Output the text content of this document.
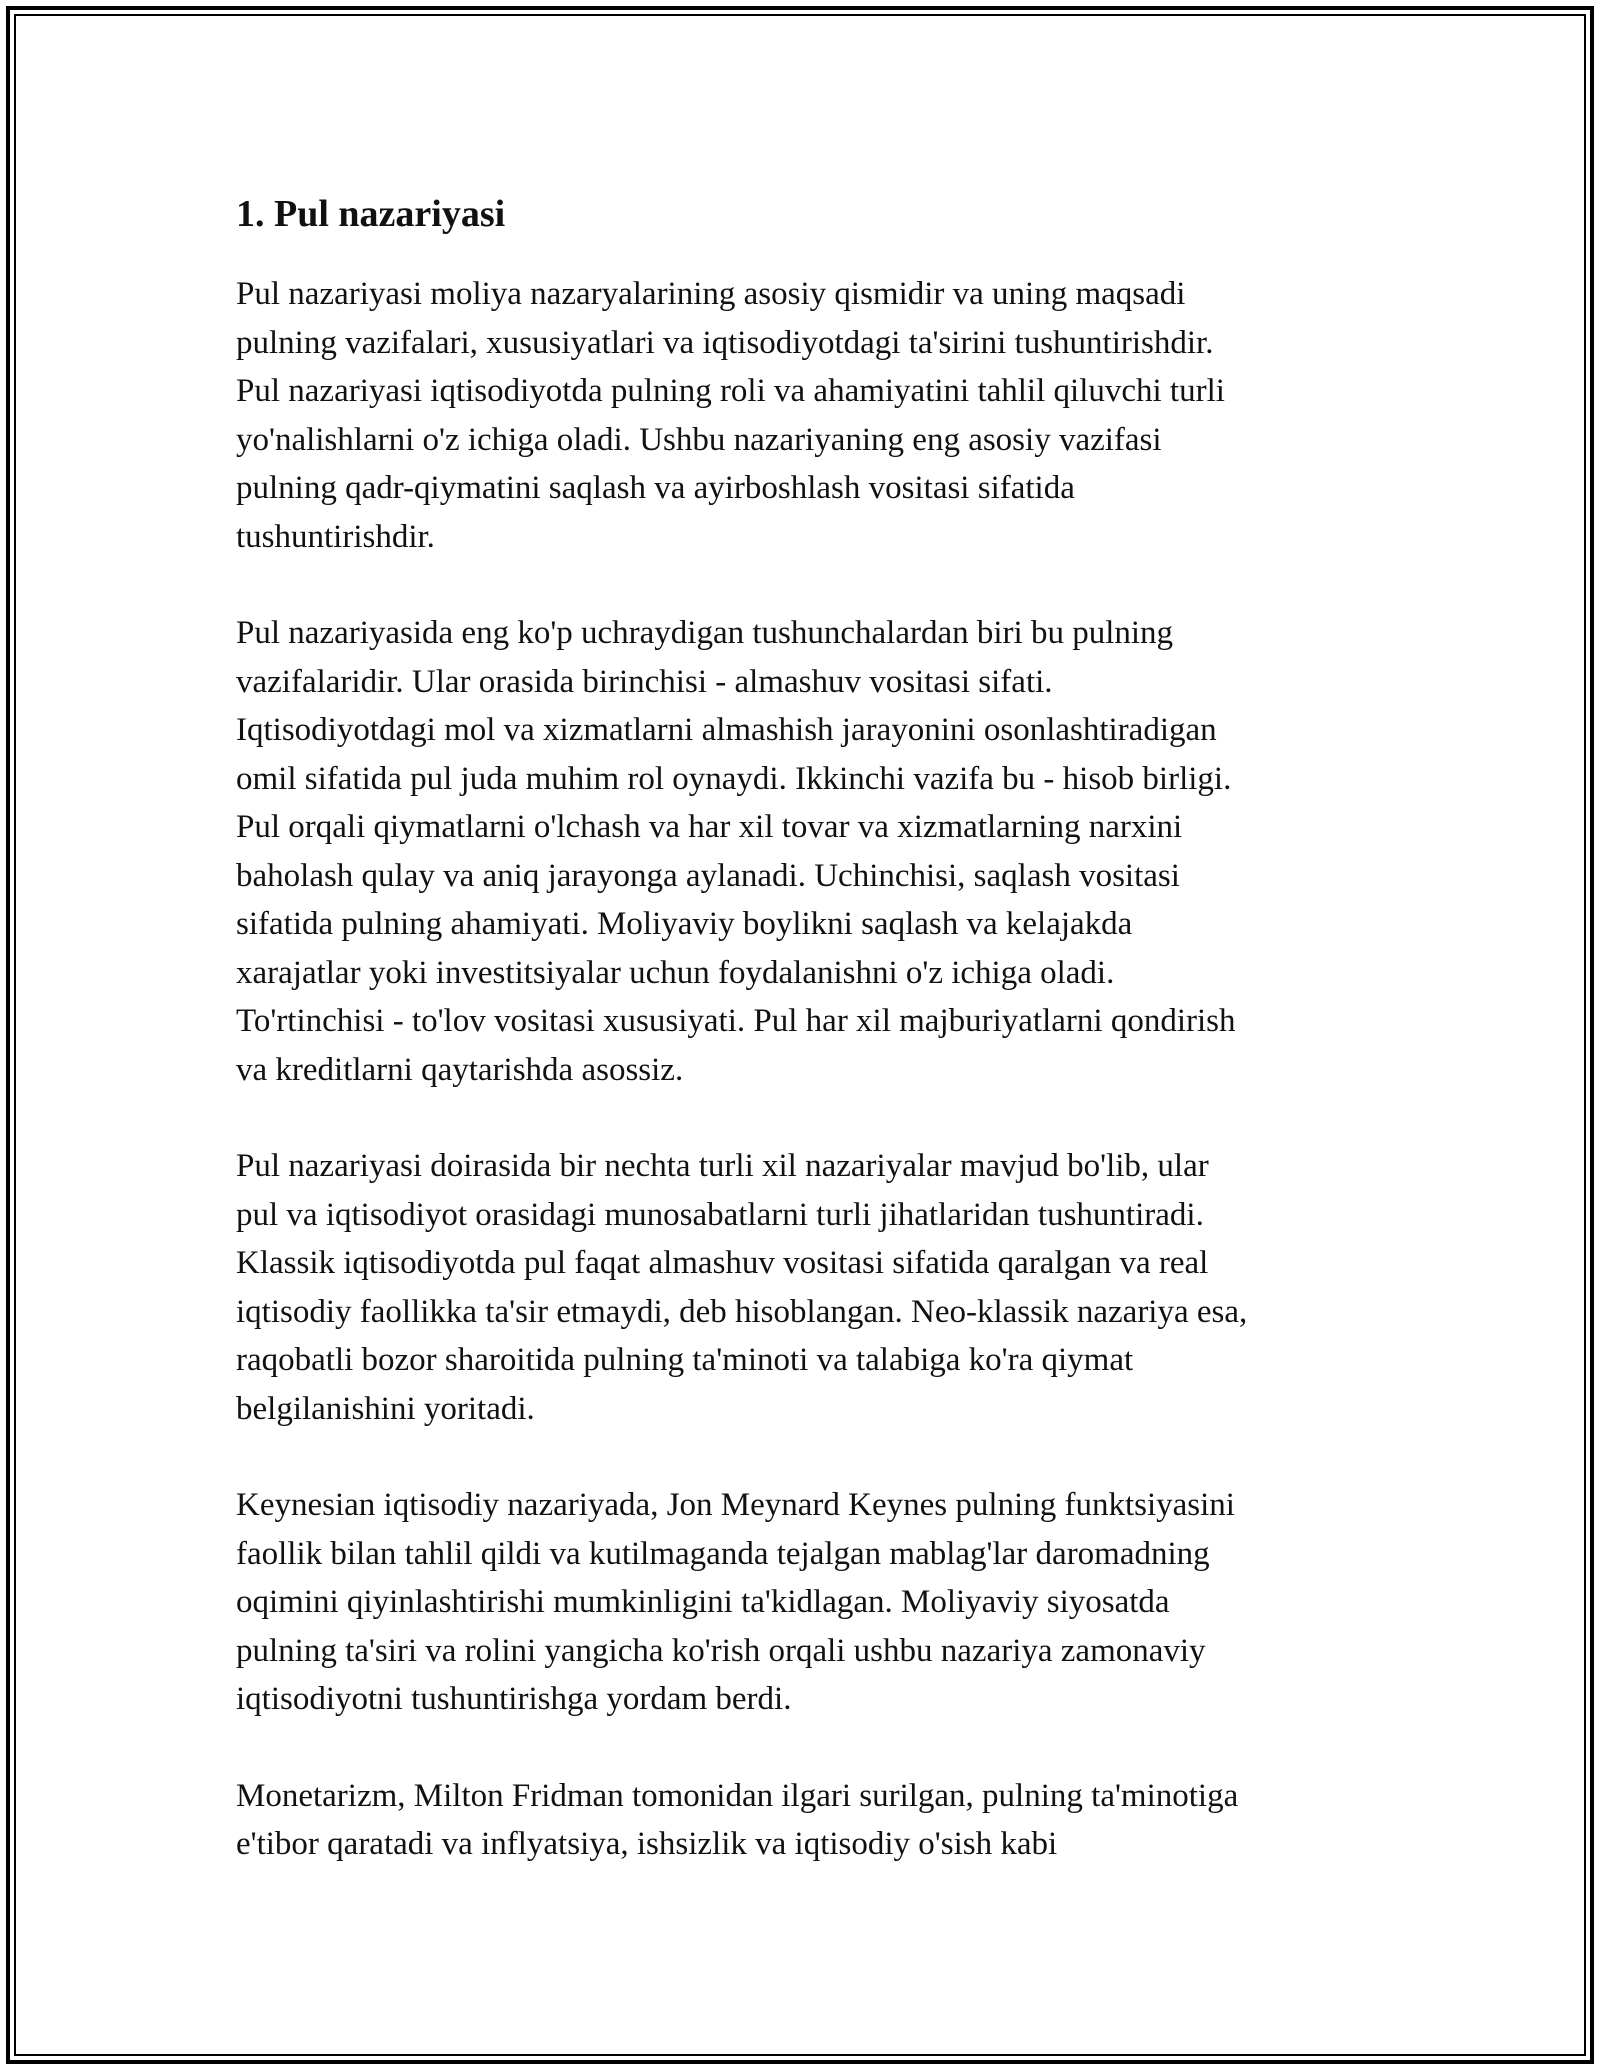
1. Pul nazariyasi

Pul nazariyasi moliya nazaryalarining asosiy qismidir va uning maqsadi
pulning vazifalari, xususiyatlari va iqtisodiyotdagi ta'sirini tushuntirishdir.
Pul nazariyasi iqtisodiyotda pulning roli va ahamiyatini tahlil qiluvchi turli
yo'nalishlarni o'z ichiga oladi. Ushbu nazariyaning eng asosiy vazifasi
pulning qadr-qiymatini saqlash va ayirboshlash vositasi sifatida
tushuntirishdir.

Pul nazariyasida eng ko'p uchraydigan tushunchalardan biri bu pulning
vazifalaridir. Ular orasida birinchisi - almashuv vositasi sifati.
Iqtisodiyotdagi mol va xizmatlarni almashish jarayonini osonlashtiradigan
omil sifatida pul juda muhim rol oynaydi. Ikkinchi vazifa bu - hisob birligi.
Pul orqali qiymatlarni o'lchash va har xil tovar va xizmatlarning narxini
baholash qulay va aniq jarayonga aylanadi. Uchinchisi, saqlash vositasi
sifatida pulning ahamiyati. Moliyaviy boylikni saqlash va kelajakda
xarajatlar yoki investitsiyalar uchun foydalanishni o'z ichiga oladi.
To'rtinchisi - to'lov vositasi xususiyati. Pul har xil majburiyatlarni qondirish
va kreditlarni qaytarishda asossiz.

Pul nazariyasi doirasida bir nechta turli xil nazariyalar mavjud bo'lib, ular
pul va iqtisodiyot orasidagi munosabatlarni turli jihatlaridan tushuntiradi.
Klassik iqtisodiyotda pul faqat almashuv vositasi sifatida qaralgan va real
iqtisodiy faollikka ta'sir etmaydi, deb hisoblangan. Neo-klassik nazariya esa,
raqobatli bozor sharoitida pulning ta'minoti va talabiga ko'ra qiymat
belgilanishini yoritadi.

Keynesian iqtisodiy nazariyada, Jon Meynard Keynes pulning funktsiyasini
faollik bilan tahlil qildi va kutilmaganda tejalgan mablag'lar daromadning
oqimini qiyinlashtirishi mumkinligini ta'kidlagan. Moliyaviy siyosatda
pulning ta'siri va rolini yangicha ko'rish orqali ushbu nazariya zamonaviy
iqtisodiyotni tushuntirishga yordam berdi.

Monetarizm, Milton Fridman tomonidan ilgari surilgan, pulning ta'minotiga
e'tibor qaratadi va inflyatsiya, ishsizlik va iqtisodiy o'sish kabi
